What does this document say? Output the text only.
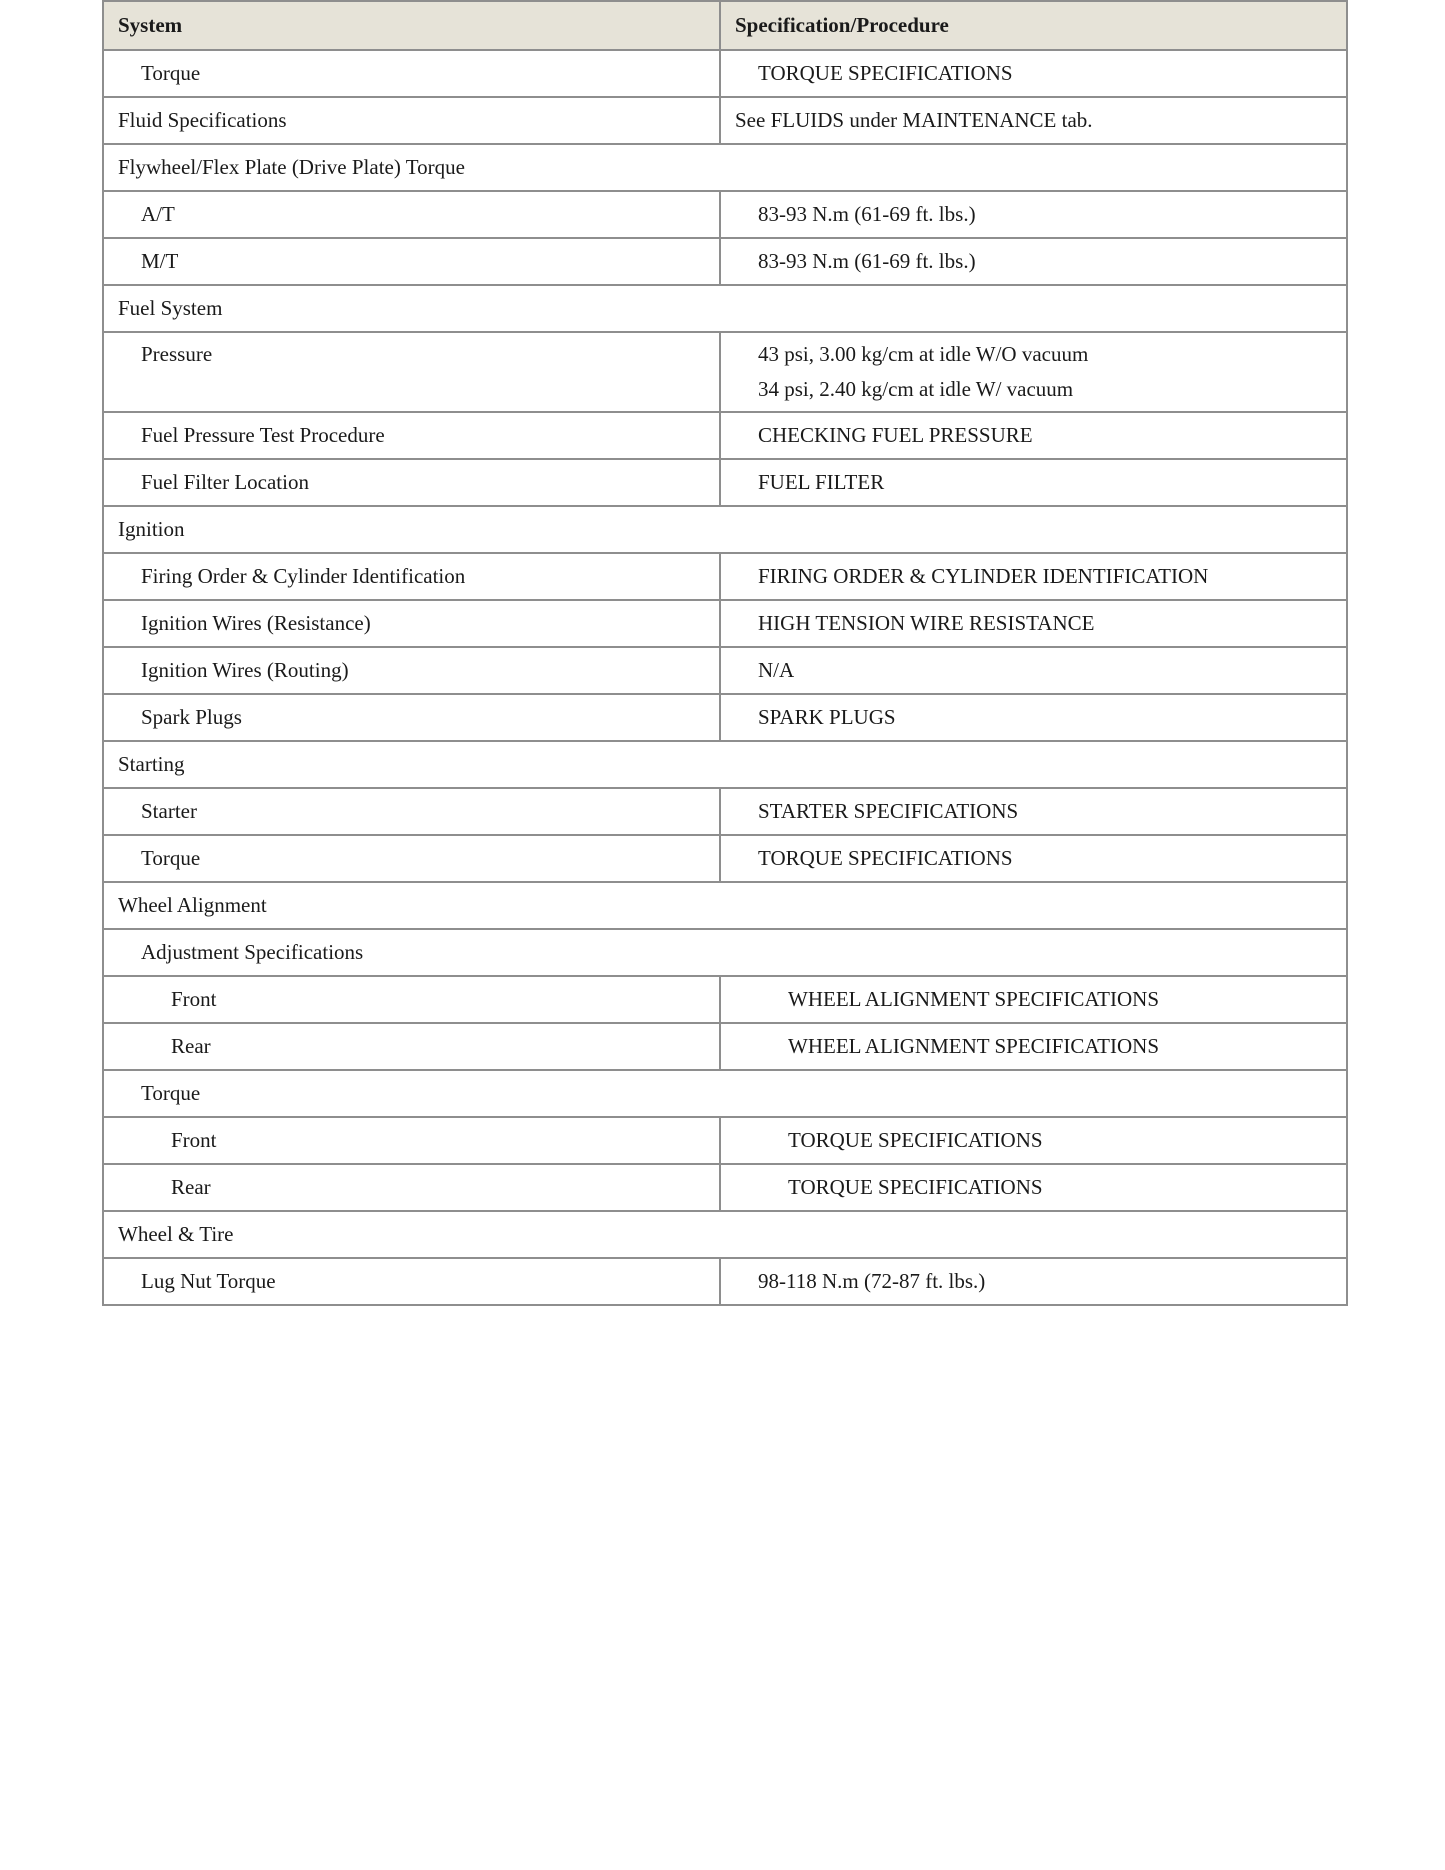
System	Specification/Procedure
Torque	TORQUE SPECIFICATIONS

Fluid Specifications	See FLUIDS under MAINTENANCE tab.

Flywheel/Flex Plate (Drive Plate) Torque	
A/T	83-93 N.m (61-69 ft. lbs.)

M/T	83-93 N.m (61-69 ft. lbs.)

Fuel System	
Pressure	43 psi, 3.00 kg/cm at idle W/O vacuum
34 psi, 2.40 kg/cm at idle W/ vacuum

Fuel Pressure Test Procedure	CHECKING FUEL PRESSURE

Fuel Filter Location	FUEL FILTER

Ignition	
Firing Order & Cylinder Identification	FIRING ORDER & CYLINDER IDENTIFICATION

Ignition Wires (Resistance)	HIGH TENSION WIRE RESISTANCE

Ignition Wires (Routing)	N/A

Spark Plugs	SPARK PLUGS

Starting	
Starter	STARTER SPECIFICATIONS

Torque	TORQUE SPECIFICATIONS

Wheel Alignment	
Adjustment Specifications	
Front	WHEEL ALIGNMENT SPECIFICATIONS

Rear	WHEEL ALIGNMENT SPECIFICATIONS

Torque	
Front	TORQUE SPECIFICATIONS

Rear	TORQUE SPECIFICATIONS

Wheel & Tire	
Lug Nut Torque	98-118 N.m (72-87 ft. lbs.)
